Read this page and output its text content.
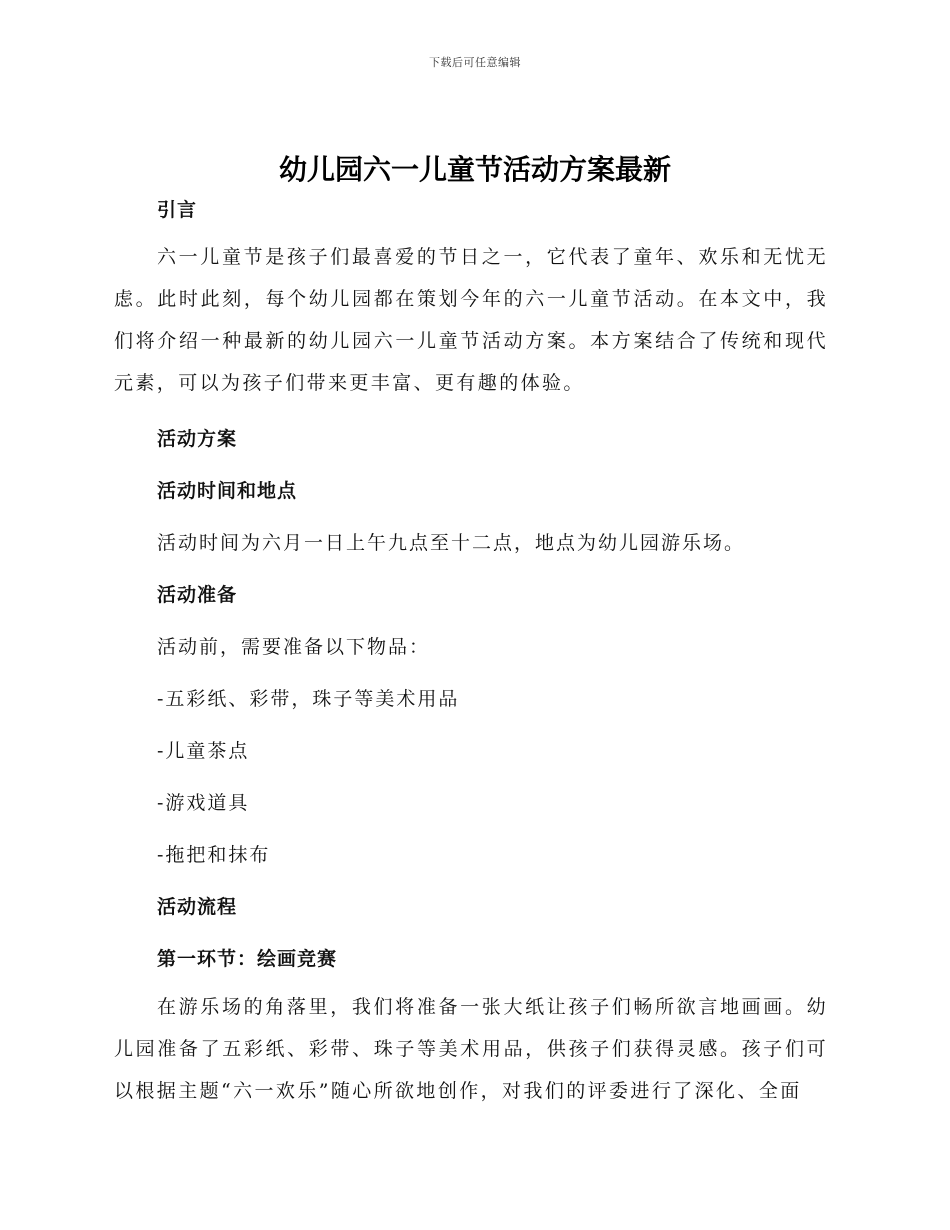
下载后可任意编辑
幼儿园六一儿童节活动方案最新

引言

六一儿童节是孩子们最喜爱的节日之一，它代表了童年、欢乐和无忧无虑。此时此刻，每个幼儿园都在策划今年的六一儿童节活动。在本文中，我们将介绍一种最新的幼儿园六一儿童节活动方案。本方案结合了传统和现代元素，可以为孩子们带来更丰富、更有趣的体验。

活动方案

活动时间和地点

活动时间为六月一日上午九点至十二点，地点为幼儿园游乐场。

活动准备

活动前，需要准备以下物品：

-五彩纸、彩带，珠子等美术用品

-儿童茶点

-游戏道具

-拖把和抹布

活动流程

第一环节：绘画竞赛

在游乐场的角落里，我们将准备一张大纸让孩子们畅所欲言地画画。幼儿园准备了五彩纸、彩带、珠子等美术用品，供孩子们获得灵感。孩子们可以根据主题“六一欢乐”随心所欲地创作，对我们的评委进行了深化、全面
